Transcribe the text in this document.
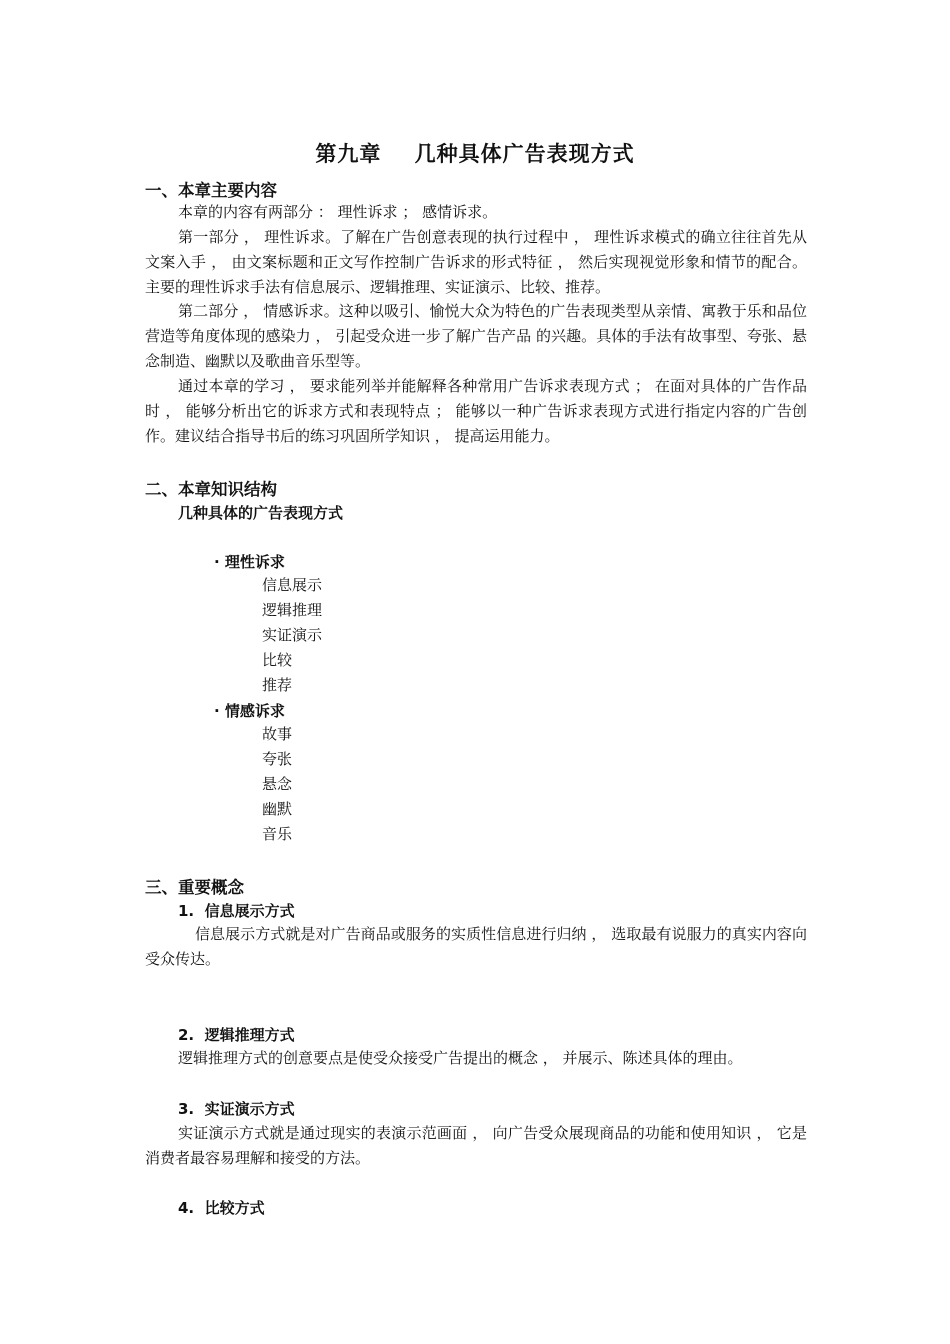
第九章    几种具体广告表现方式
一、本章主要内容
本章的内容有两部分 ： 理性诉求 ； 感情诉求。
第一部分 ， 理性诉求。了解在广告创意表现的执行过程中 ， 理性诉求模式的确立往往首先从文案入手 ， 由文案标题和正文写作控制广告诉求的形式特征 ， 然后实现视觉形象和情节的配合。主要的理性诉求手法有信息展示、逻辑推理、实证演示、比较、推荐。
第二部分 ， 情感诉求。这种以吸引、愉悦大众为特色的广告表现类型从亲情、寓教于乐和品位营造等角度体现的感染力 ， 引起受众进一步了解广告产品 的兴趣。具体的手法有故事型、夸张、悬念制造、幽默以及歌曲音乐型等。
通过本章的学习 ， 要求能列举并能解释各种常用广告诉求表现方式 ； 在面对具体的广告作品时 ， 能够分析出它的诉求方式和表现特点 ； 能够以一种广告诉求表现方式进行指定内容的广告创作。建议结合指导书后的练习巩固所学知识 ， 提高运用能力。
二、本章知识结构
几种具体的广告表现方式
· 理性诉求
信息展示
逻辑推理
实证演示
比较
推荐
· 情感诉求
故事
夸张
悬念
幽默
音乐
三、重要概念
1.  信息展示方式
信息展示方式就是对广告商品或服务的实质性信息进行归纳 ， 选取最有说服力的真实内容向受众传达。
2.  逻辑推理方式
逻辑推理方式的创意要点是使受众接受广告提出的概念 ， 并展示、陈述具体的理由。
3.  实证演示方式
实证演示方式就是通过现实的表演示范画面 ， 向广告受众展现商品的功能和使用知识 ， 它是消费者最容易理解和接受的方法。
4.  比较方式
